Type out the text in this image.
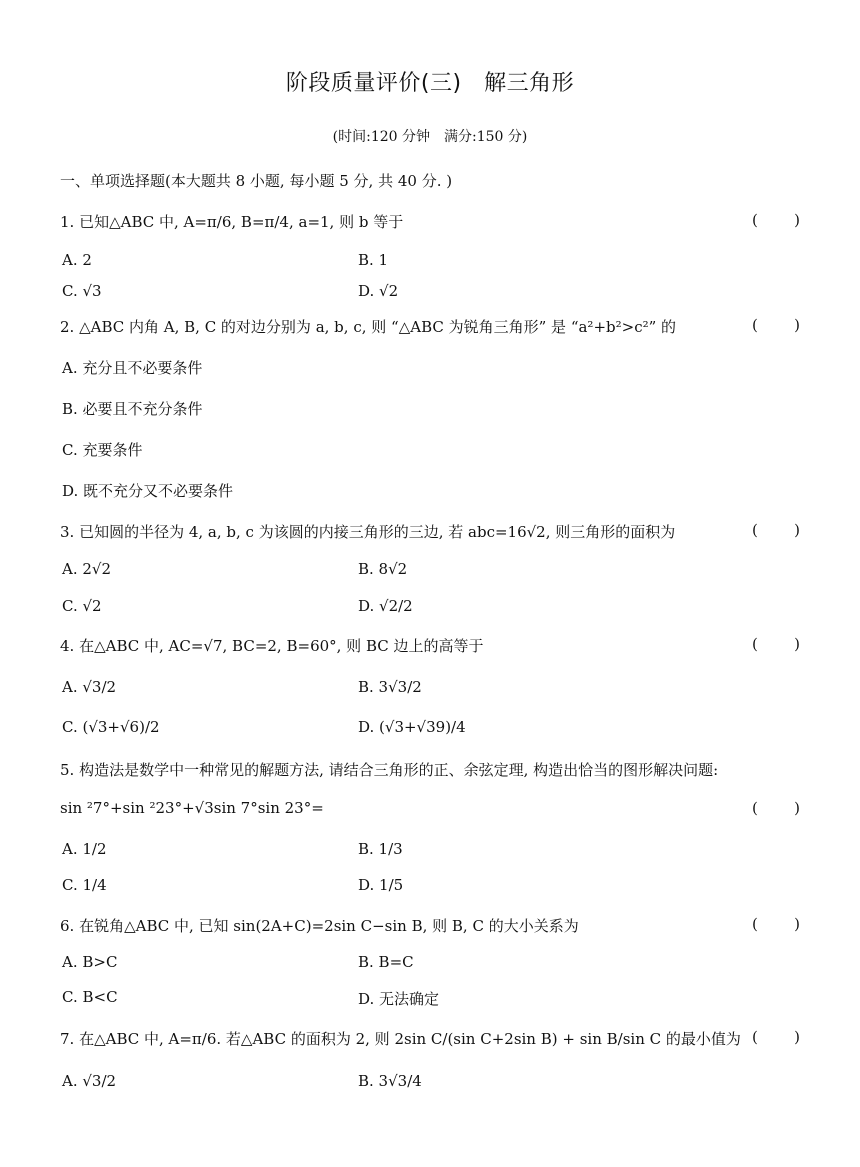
阶段质量评价(三)　解三角形
(时间:120 分钟　满分:150 分)
一、单项选择题(本大题共 8 小题, 每小题 5 分, 共 40 分. )
1. 已知△ABC 中, A=π/6, B=π/4, a=1, 则 b 等于	( )
A. 2	B. 1
C. √3	D. √2
2. △ABC 内角 A, B, C 的对边分别为 a, b, c, 则 “△ABC 为锐角三角形” 是 “a²+b²>c²” 的	( )
A. 充分且不必要条件
B. 必要且不充分条件
C. 充要条件
D. 既不充分又不必要条件
3. 已知圆的半径为 4, a, b, c 为该圆的内接三角形的三边, 若 abc=16√2, 则三角形的面积为	( )
A. 2√2	B. 8√2
C. √2	D. √2/2
4. 在△ABC 中, AC=√7, BC=2, B=60°, 则 BC 边上的高等于	( )
A. √3/2	B. 3√3/2
C. (√3+√6)/2	D. (√3+√39)/4
5. 构造法是数学中一种常见的解题方法, 请结合三角形的正、余弦定理, 构造出恰当的图形解决问题:
sin ²7°+sin ²23°+√3sin 7°sin 23°=	( )
A. 1/2	B. 1/3
C. 1/4	D. 1/5
6. 在锐角△ABC 中, 已知 sin(2A+C)=2sin C−sin B, 则 B, C 的大小关系为	( )
A. B>C	B. B=C
C. B<C	D. 无法确定
7. 在△ABC 中, A=π/6. 若△ABC 的面积为 2, 则 2sin C/(sin C+2sin B) + sin B/sin C 的最小值为 ( )
A. √3/2	B. 3√3/4
